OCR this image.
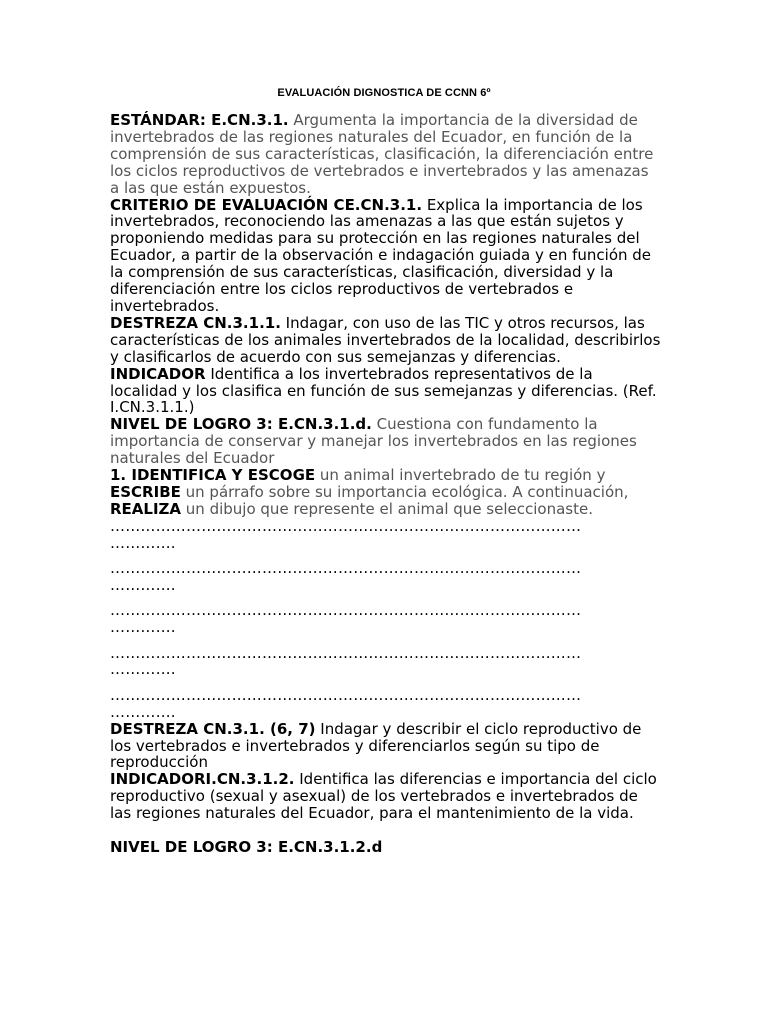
EVALUACIÓN DIGNOSTICA DE CCNN 6º

ESTÁNDAR: E.CN.3.1. Argumenta la importancia de la diversidad de invertebrados de las regiones naturales del Ecuador, en función de la comprensión de sus características, clasificación, la diferenciación entre los ciclos reproductivos de vertebrados e invertebrados y las amenazas a las que están expuestos.

CRITERIO DE EVALUACIÓN CE.CN.3.1. Explica la importancia de los invertebrados, reconociendo las amenazas a las que están sujetos y proponiendo medidas para su protección en las regiones naturales del Ecuador, a partir de la observación e indagación guiada y en función de la comprensión de sus características, clasificación, diversidad y la diferenciación entre los ciclos reproductivos de vertebrados e invertebrados.

DESTREZA CN.3.1.1. Indagar, con uso de las TIC y otros recursos, las características de los animales invertebrados de la localidad, describirlos y clasificarlos de acuerdo con sus semejanzas y diferencias.

INDICADOR Identifica a los invertebrados representativos de la localidad y los clasifica en función de sus semejanzas y diferencias. (Ref. I.CN.3.1.1.)

NIVEL DE LOGRO 3: E.CN.3.1.d. Cuestiona con fundamento la importancia de conservar y manejar los invertebrados en las regiones naturales del Ecuador

1. IDENTIFICA Y ESCOGE un animal invertebrado de tu región y ESCRIBE un párrafo sobre su importancia ecológica. A continuación, REALIZA un dibujo que represente el animal que seleccionaste.

…………………………………………………………………………………
………….
…………………………………………………………………………………
………….
…………………………………………………………………………………
………….
…………………………………………………………………………………
………….
…………………………………………………………………………………
………….

DESTREZA CN.3.1. (6, 7) Indagar y describir el ciclo reproductivo de los vertebrados e invertebrados y diferenciarlos según su tipo de reproducción

INDICADORI.CN.3.1.2. Identifica las diferencias e importancia del ciclo reproductivo (sexual y asexual) de los vertebrados e invertebrados de las regiones naturales del Ecuador, para el mantenimiento de la vida.

NIVEL DE LOGRO 3: E.CN.3.1.2.d
